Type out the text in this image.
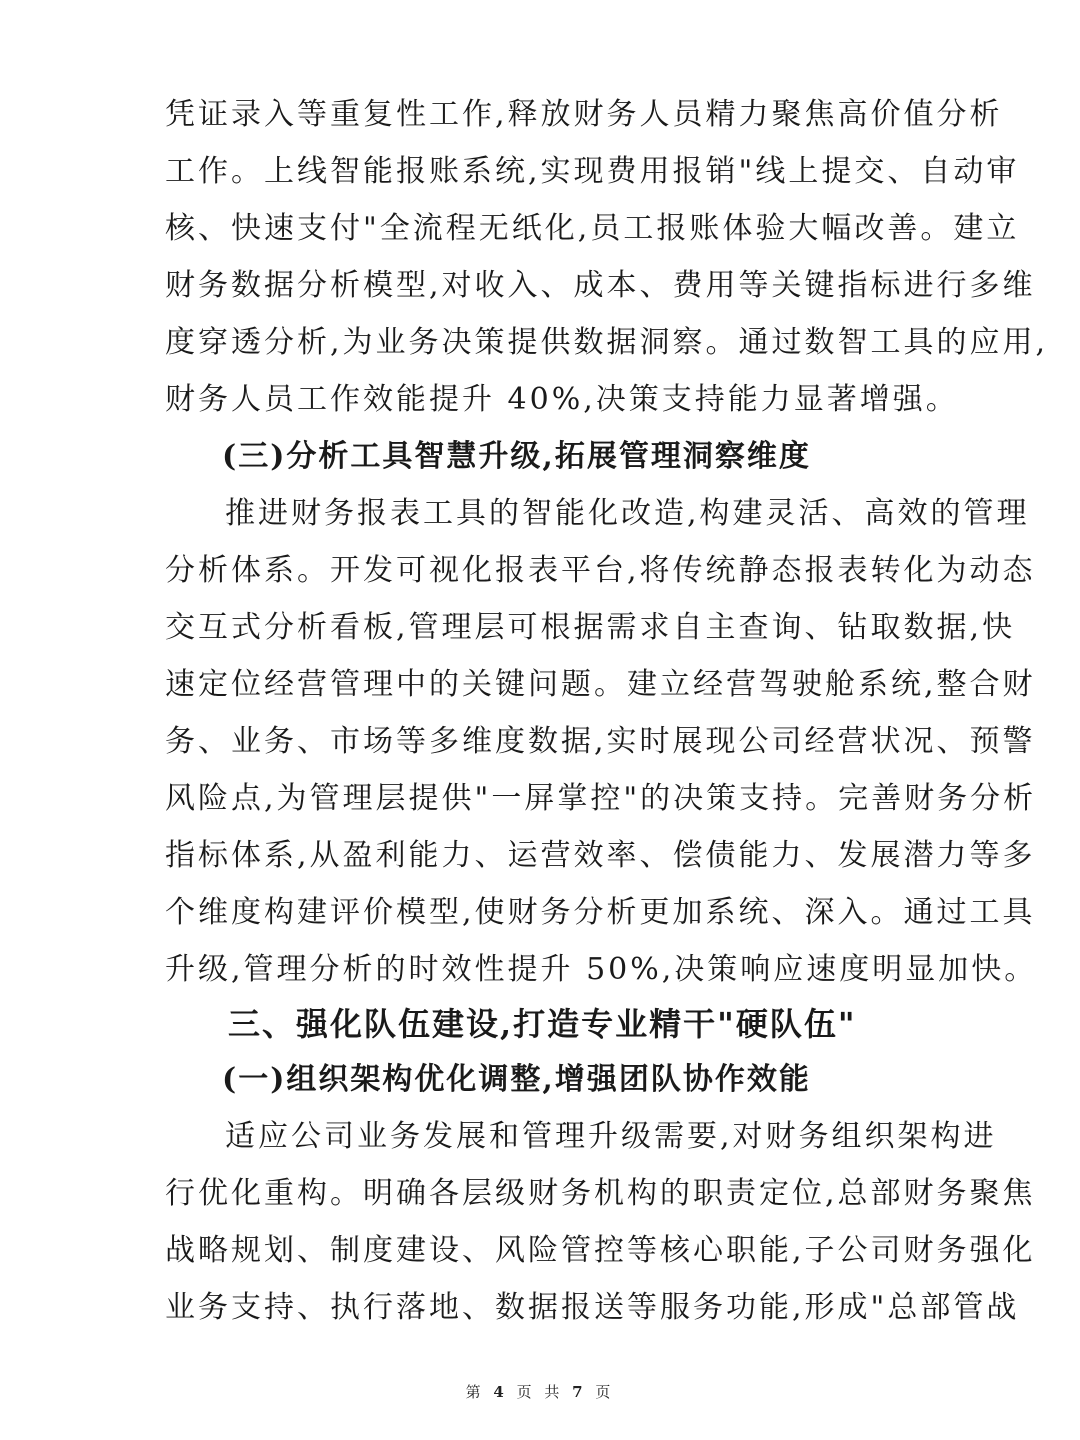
凭证录入等重复性工作,释放财务人员精力聚焦高价值分析
工作。上线智能报账系统,实现费用报销"线上提交、自动审
核、快速支付"全流程无纸化,员工报账体验大幅改善。建立
财务数据分析模型,对收入、成本、费用等关键指标进行多维
度穿透分析,为业务决策提供数据洞察。通过数智工具的应用,
财务人员工作效能提升 40%,决策支持能力显著增强。
(三)分析工具智慧升级,拓展管理洞察维度
推进财务报表工具的智能化改造,构建灵活、高效的管理
分析体系。开发可视化报表平台,将传统静态报表转化为动态
交互式分析看板,管理层可根据需求自主查询、钻取数据,快
速定位经营管理中的关键问题。建立经营驾驶舱系统,整合财
务、业务、市场等多维度数据,实时展现公司经营状况、预警
风险点,为管理层提供"一屏掌控"的决策支持。完善财务分析
指标体系,从盈利能力、运营效率、偿债能力、发展潜力等多
个维度构建评价模型,使财务分析更加系统、深入。通过工具
升级,管理分析的时效性提升 50%,决策响应速度明显加快。
三、强化队伍建设,打造专业精干"硬队伍"
(一)组织架构优化调整,增强团队协作效能
适应公司业务发展和管理升级需要,对财务组织架构进
行优化重构。明确各层级财务机构的职责定位,总部财务聚焦
战略规划、制度建设、风险管控等核心职能,子公司财务强化
业务支持、执行落地、数据报送等服务功能,形成"总部管战
第 4 页 共 7 页
